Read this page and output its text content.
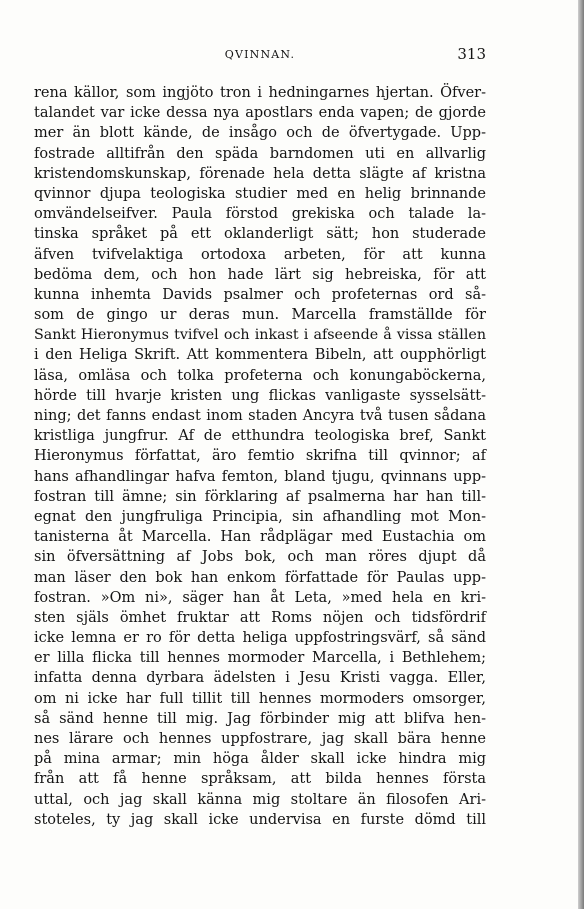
QVINNAN.	313
rena källor, som ingjöto tron i hedningarnes hjertan. Öfver-
talandet var icke dessa nya apostlars enda vapen; de gjorde
mer än blott kände, de insågo och de öfvertygade. Upp-
fostrade alltifrån den späda barndomen uti en allvarlig
kristendomskunskap, förenade hela detta slägte af kristna
qvinnor djupa teologiska studier med en helig brinnande
omvändelseifver. Paula förstod grekiska och talade la-
tinska språket på ett oklanderligt sätt; hon studerade
äfven tvifvelaktiga ortodoxa arbeten, för att kunna
bedöma dem, och hon hade lärt sig hebreiska, för att
kunna inhemta Davids psalmer och profeternas ord så-
som de gingo ur deras mun. Marcella framställde för
Sankt Hieronymus tvifvel och inkast i afseende å vissa ställen
i den Heliga Skrift. Att kommentera Bibeln, att oupphörligt
läsa, omläsa och tolka profeterna och konungaböckerna,
hörde till hvarje kristen ung flickas vanligaste sysselsätt-
ning; det fanns endast inom staden Ancyra två tusen sådana
kristliga jungfrur. Af de etthundra teologiska bref, Sankt
Hieronymus författat, äro femtio skrifna till qvinnor; af
hans afhandlingar hafva femton, bland tjugu, qvinnans upp-
fostran till ämne; sin förklaring af psalmerna har han till-
egnat den jungfruliga Principia, sin afhandling mot Mon-
tanisterna åt Marcella. Han rådplägar med Eustachia om
sin öfversättning af Jobs bok, och man röres djupt då
man läser den bok han enkom författade för Paulas upp-
fostran. »Om ni», säger han åt Leta, »med hela en kri-
sten själs ömhet fruktar att Roms nöjen och tidsfördrif
icke lemna er ro för detta heliga uppfostringsvärf, så sänd
er lilla flicka till hennes mormoder Marcella, i Bethlehem;
infatta denna dyrbara ädelsten i Jesu Kristi vagga. Eller,
om ni icke har full tillit till hennes mormoders omsorger,
så sänd henne till mig. Jag förbinder mig att blifva hen-
nes lärare och hennes uppfostrare, jag skall bära henne
på mina armar; min höga ålder skall icke hindra mig
från att få henne språksam, att bilda hennes första
uttal, och jag skall känna mig stoltare än filosofen Ari-
stoteles, ty jag skall icke undervisa en furste dömd till
